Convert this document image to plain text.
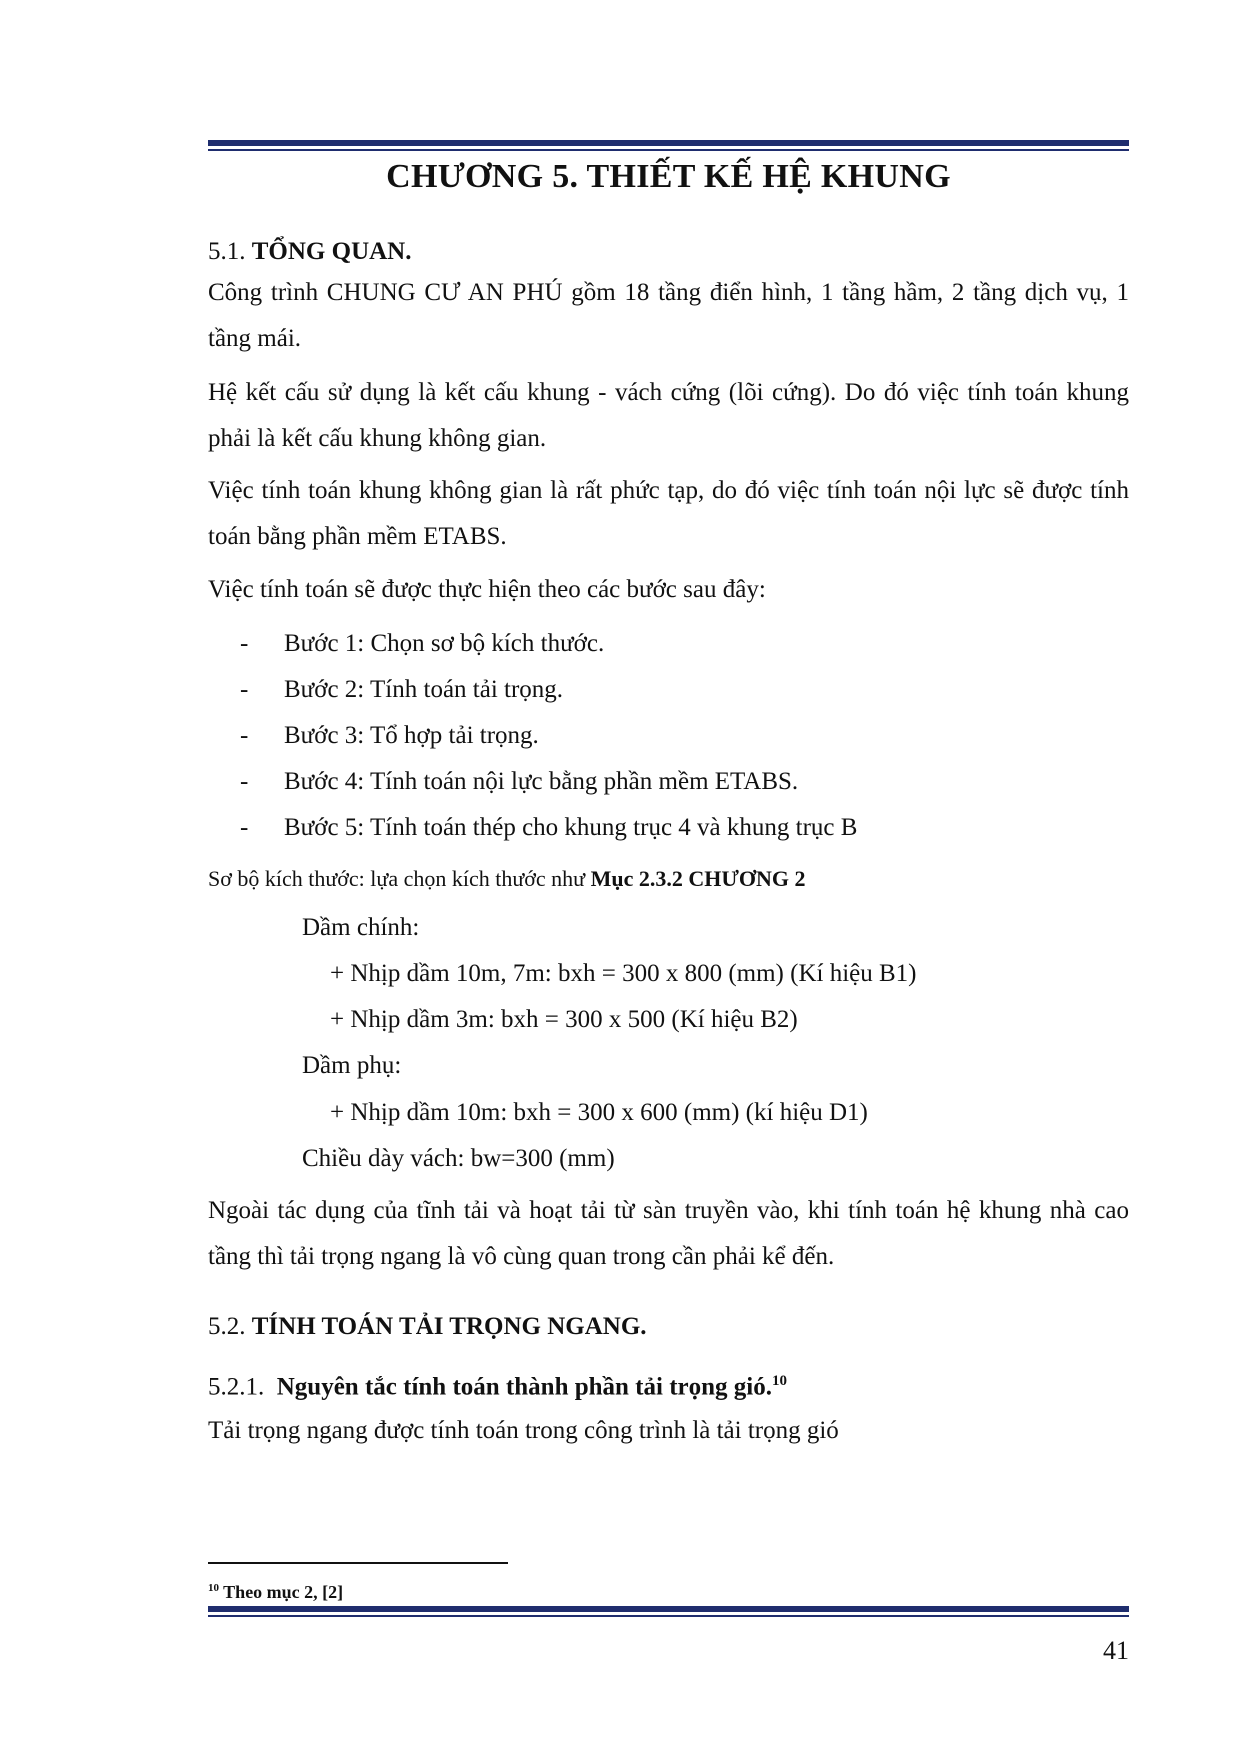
CHƯƠNG 5. THIẾT KẾ HỆ KHUNG
5.1. TỔNG QUAN.
Công trình CHUNG CƯ AN PHÚ gồm 18 tầng điển hình, 1 tầng hầm, 2 tầng dịch vụ, 1 tầng mái.
Hệ kết cấu sử dụng là kết cấu khung - vách cứng (lõi cứng). Do đó việc tính toán khung phải là kết cấu khung không gian.
Việc tính toán khung không gian là rất phức tạp, do đó việc tính toán nội lực sẽ được tính toán bằng phần mềm ETABS.
Việc tính toán sẽ được thực hiện theo các bước sau đây:
- Bước 1: Chọn sơ bộ kích thước.
- Bước 2: Tính toán tải trọng.
- Bước 3: Tổ hợp tải trọng.
- Bước 4: Tính toán nội lực bằng phần mềm ETABS.
- Bước 5: Tính toán thép cho khung trục 4 và khung trục B
Sơ bộ kích thước: lựa chọn kích thước như Mục 2.3.2 CHƯƠNG 2
Dầm chính:
+ Nhịp dầm 10m, 7m: bxh = 300 x 800 (mm) (Kí hiệu B1)
+ Nhịp dầm 3m: bxh = 300 x 500 (Kí hiệu B2)
Dầm phụ:
+ Nhịp dầm 10m: bxh = 300 x 600 (mm) (kí hiệu D1)
Chiều dày vách: bw=300 (mm)
Ngoài tác dụng của tĩnh tải và hoạt tải từ sàn truyền vào, khi tính toán hệ khung nhà cao tầng thì tải trọng ngang là vô cùng quan trong cần phải kể đến.
5.2. TÍNH TOÁN TẢI TRỌNG NGANG.
5.2.1. Nguyên tắc tính toán thành phần tải trọng gió.$^{10}$
Tải trọng ngang được tính toán trong công trình là tải trọng gió
$^{10}$ Theo mục 2, [2]
41
